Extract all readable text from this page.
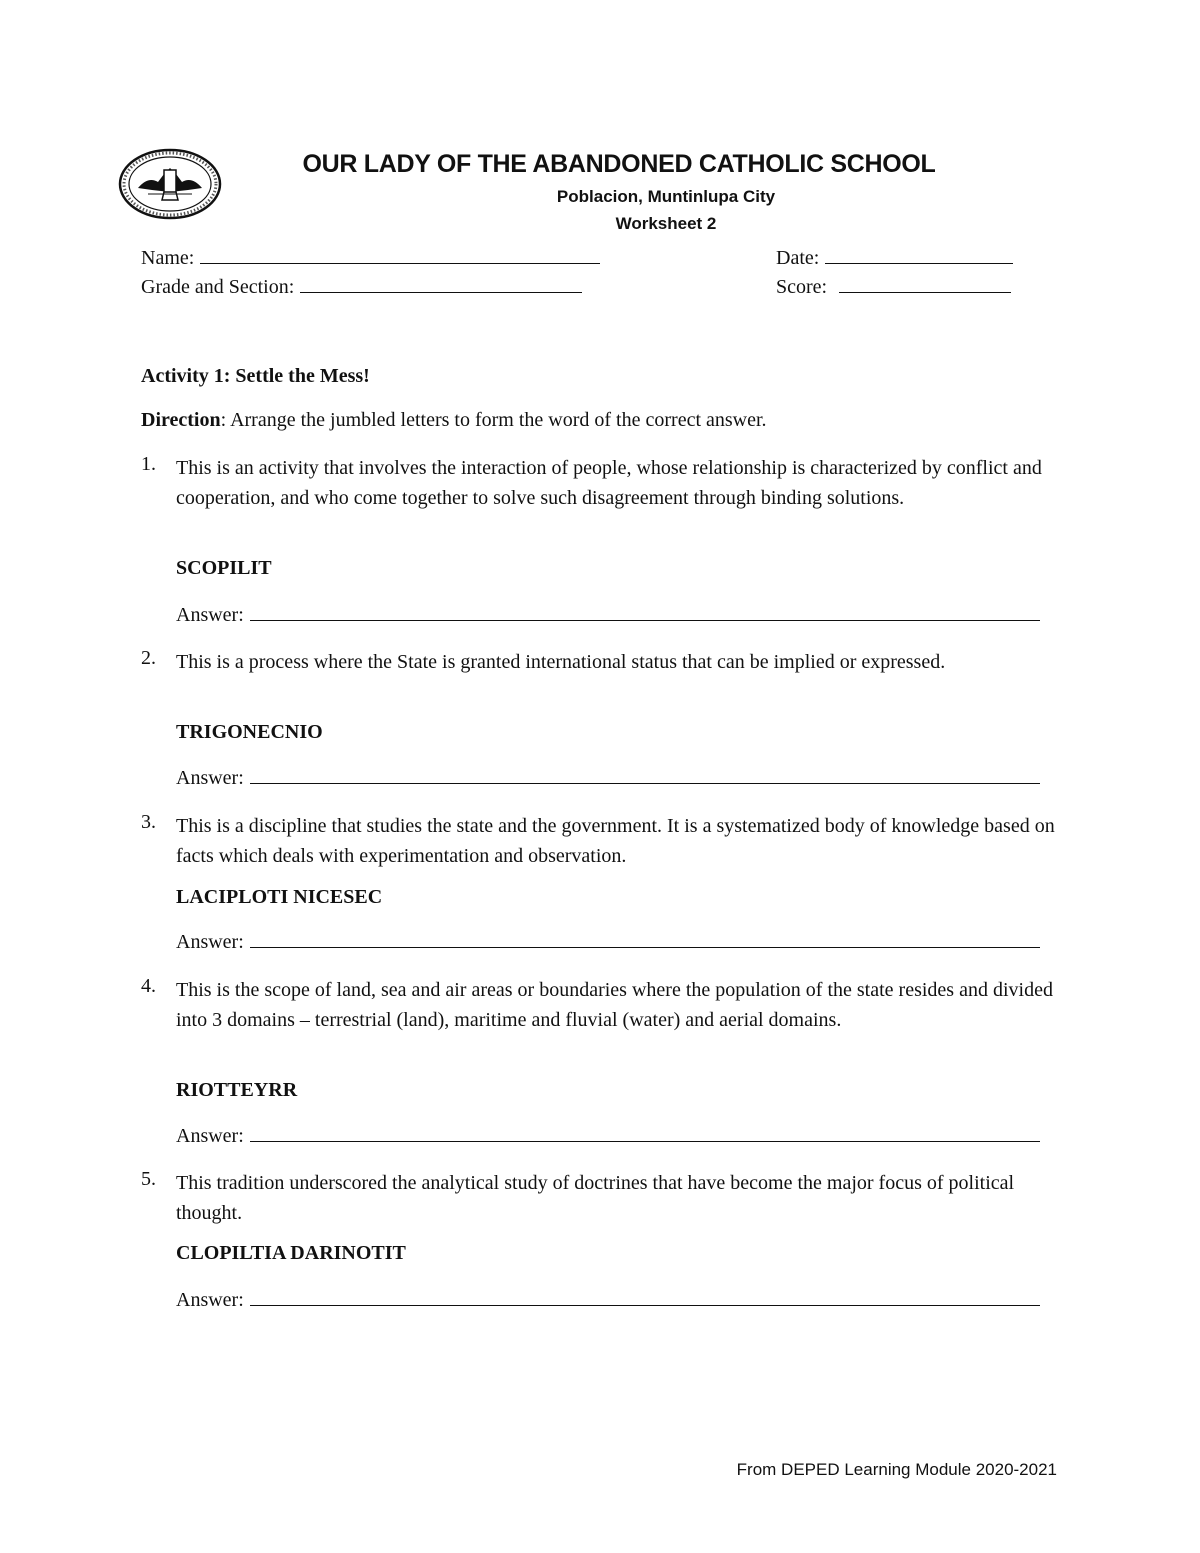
OUR LADY OF THE ABANDONED CATHOLIC SCHOOL
Poblacion, Muntinlupa City
Worksheet 2
Name:	Date:
Grade and Section:	Score:
Activity 1: Settle the Mess!
Direction: Arrange the jumbled letters to form the word of the correct answer.
1. This is an activity that involves the interaction of people, whose relationship is characterized by conflict and cooperation, and who come together to solve such disagreement through binding solutions.
SCOPILIT
Answer:
2. This is a process where the State is granted international status that can be implied or expressed.
TRIGONECNIO
Answer:
3. This is a discipline that studies the state and the government. It is a systematized body of knowledge based on facts which deals with experimentation and observation.
LACIPLOTI NICESEC
Answer:
4. This is the scope of land, sea and air areas or boundaries where the population of the state resides and divided into 3 domains – terrestrial (land), maritime and fluvial (water) and aerial domains.
RIOTTEYRR
Answer:
5. This tradition underscored the analytical study of doctrines that have become the major focus of political thought.
CLOPILTIA DARINOTIT
Answer:
From DEPED Learning Module 2020-2021
